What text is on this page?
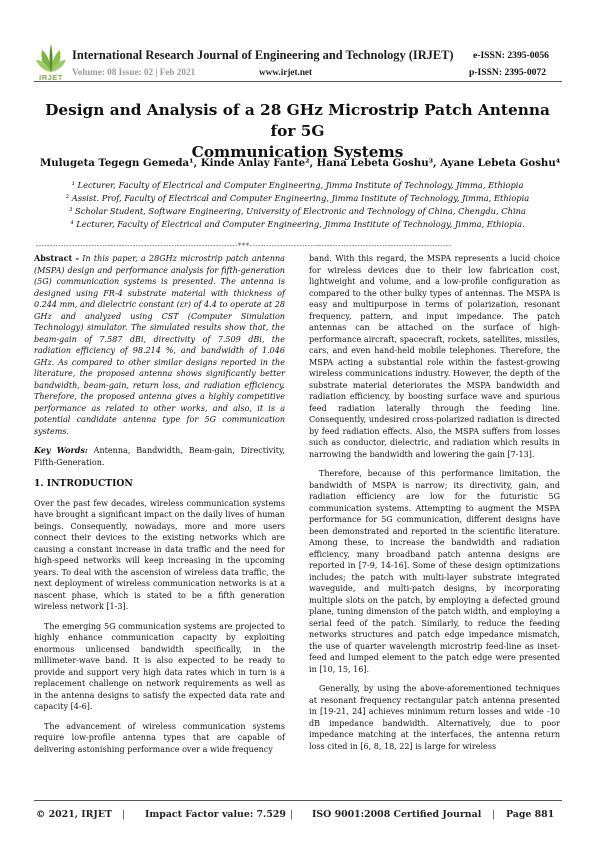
IRJET
International Research Journal of Engineering and Technology (IRJET)
Volume: 08 Issue: 02 | Feb 2021	www.irjet.net
e-ISSN: 2395-0056
p-ISSN: 2395-0072
Design and Analysis of a 28 GHz Microstrip Patch Antenna for 5G
Communication Systems
Mulugeta Tegegn Gemeda¹, Kinde Anlay Fante², Hana Lebeta Goshu³, Ayane Lebeta Goshu⁴
¹ Lecturer, Faculty of Electrical and Computer Engineering, Jimma Institute of Technology, Jimma, Ethiopia
² Assist. Prof, Faculty of Electrical and Computer Engineering, Jimma Institute of Technology, Jimma, Ethiopia
³ Scholar Student, Software Engineering, University of Electronic and Technology of China, Chengdu, China
⁴ Lecturer, Faculty of Electrical and Computer Engineering, Jimma Institute of Technology, Jimma, Ethiopia.
-------------------------------------------------------------------------***-------------------------------------------------------------------------

Abstract - In this paper, a 28GHz microstrip patch antenna (MSPA) design and performance analysis for fifth-generation (5G) communication systems is presented. The antenna is designed using FR-4 substrate material with thickness of 0.244 mm, and dielectric constant (εr) of 4.4 to operate at 28 GHz and analyzed using CST (Computer Simulation Technology) simulator. The simulated results show that, the beam-gain of 7.587 dBi, directivity of 7.509 dBi, the radiation efficiency of 98.214 %, and bandwidth of 1.046 GHz. As compared to other similar designs reported in the literature, the proposed antenna shows significantly better bandwidth, beam-gain, return loss, and radiation efficiency. Therefore, the proposed antenna gives a highly competitive performance as related to other works, and also, it is a potential candidate antenna type for 5G communication systems.

Key Words: Antenna, Bandwidth, Beam-gain, Directivity, Fifth-Generation.

1. INTRODUCTION

Over the past few decades, wireless communication systems have brought a significant impact on the daily lives of human beings. Consequently, nowadays, more and more users connect their devices to the existing networks which are causing a constant increase in data traffic and the need for high-speed networks will keep increasing in the upcoming years. To deal with the ascension of wireless data traffic, the next deployment of wireless communication networks is at a nascent phase, which is stated to be a fifth generation wireless network [1-3].

The emerging 5G communication systems are projected to highly enhance communication capacity by exploiting enormous unlicensed bandwidth specifically, in the millimeter-wave band. It is also expected to be ready to provide and support very high data rates which in turn is a replacement challenge on network requirements as well as in the antenna designs to satisfy the expected data rate and capacity [4-6].

The advancement of wireless communication systems require low-profile antenna types that are capable of delivering astonishing performance over a wide frequency

band. With this regard, the MSPA represents a lucid choice for wireless devices due to their low fabrication cost, lightweight and volume, and a low-profile configuration as compared to the other bulky types of antennas. The MSPA is easy and multipurpose in terms of polarization, resonant frequency, pattern, and input impedance. The patch antennas can be attached on the surface of high-performance aircraft, spacecraft, rockets, satellites, missiles, cars, and even hand-held mobile telephones. Therefore, the MSPA acting a substantial role within the fastest-growing wireless communications industry. However, the depth of the substrate material deteriorates the MSPA bandwidth and radiation efficiency, by boosting surface wave and spurious feed radiation laterally through the feeding line. Consequently, undesired cross-polarized radiation is directed by feed radiation effects. Also, the MSPA suffers from losses such as conductor, dielectric, and radiation which results in narrowing the bandwidth and lowering the gain [7-13].

Therefore, because of this performance limitation, the bandwidth of MSPA is narrow; its directivity, gain, and radiation efficiency are low for the futuristic 5G communication systems. Attempting to augment the MSPA performance for 5G communication, different designs have been demonstrated and reported in the scientific literature. Among these, to increase the bandwidth and radiation efficiency, many broadband patch antenna designs are reported in [7-9, 14-16]. Some of these design optimizations includes; the patch with multi-layer substrate integrated waveguide, and multi-patch designs, by incorporating multiple slots on the patch, by employing a defected ground plane, tuning dimension of the patch width, and employing a serial feed of the patch. Similarly, to reduce the feeding networks structures and patch edge impedance mismatch, the use of quarter wavelength microstrip feed-line as inset-feed and lumped element to the patch edge were presented in [10, 15, 16].

Generally, by using the above-aforementioned techniques at resonant frequency rectangular patch antenna presented in [19-21, 24] achieves minimum return losses and wide -10 dB impedance bandwidth. Alternatively, due to poor impedance matching at the interfaces, the antenna return loss cited in [6, 8, 18, 22] is large for wireless

© 2021, IRJET | Impact Factor value: 7.529 | ISO 9001:2008 Certified Journal | Page 881
